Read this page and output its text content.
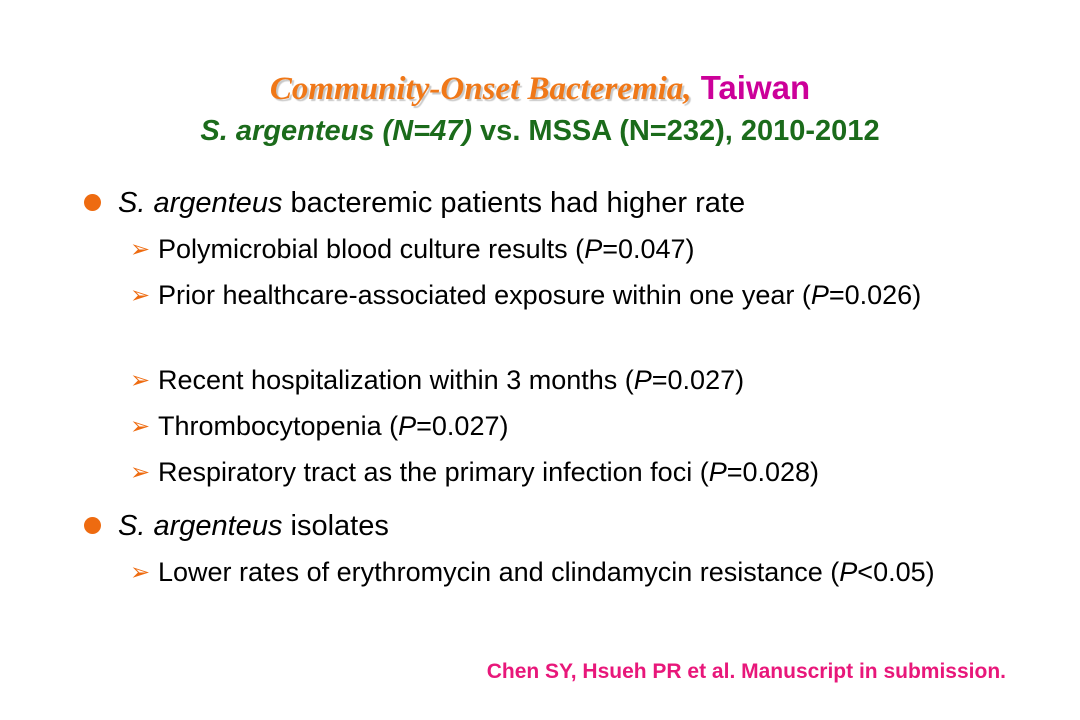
Community-Onset Bacteremia, Taiwan
S. argenteus (N=47) vs. MSSA (N=232), 2010-2012
S. argenteus bacteremic patients had higher rate
➢ Polymicrobial blood culture results (P=0.047)
➢ Prior healthcare-associated exposure within one year (P=0.026)
➢ Recent hospitalization within 3 months (P=0.027)
➢ Thrombocytopenia (P=0.027)
➢ Respiratory tract as the primary infection foci (P=0.028)
S. argenteus isolates
➢ Lower rates of erythromycin and clindamycin resistance (P<0.05)
Chen SY, Hsueh PR et al. Manuscript in submission.
